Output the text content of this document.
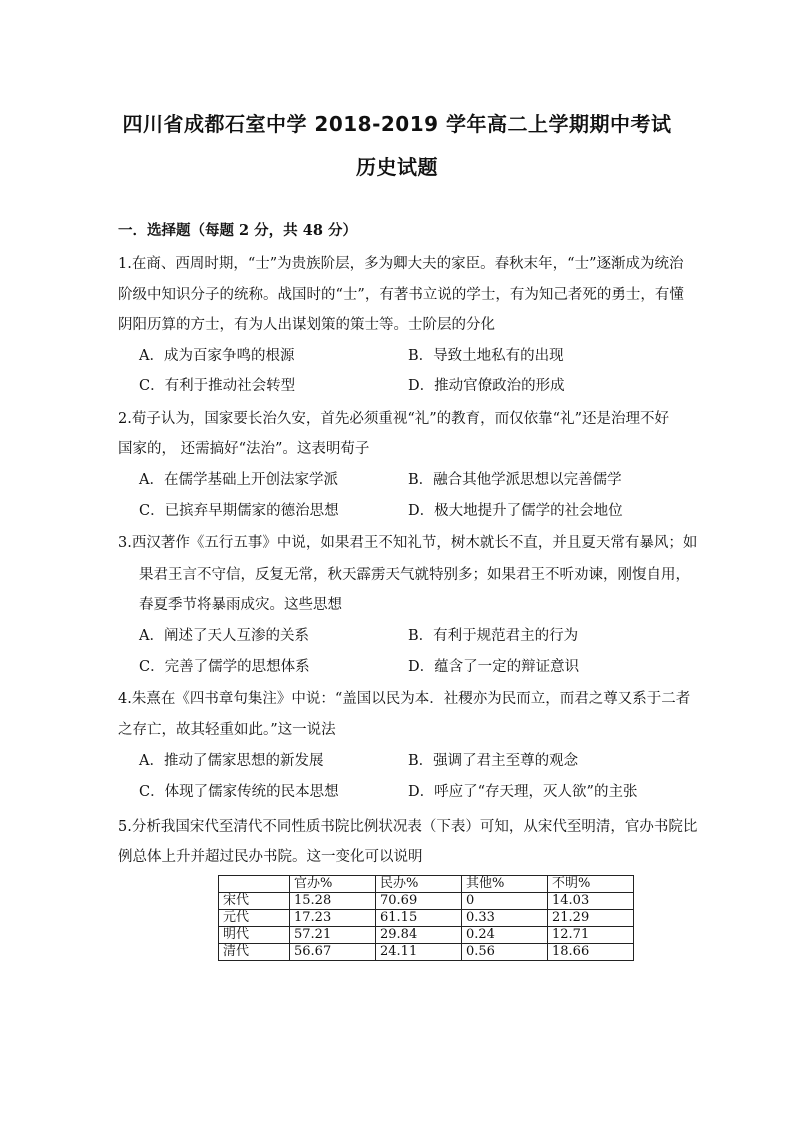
四川省成都石室中学 2018-2019 学年高二上学期期中考试
历史试题
一．选择题（每题 2 分，共 48 分）
1.在商、西周时期，“士”为贵族阶层，多为卿大夫的家臣。春秋末年，“士”逐渐成为统治
阶级中知识分子的统称。战国时的“士”，有著书立说的学士，有为知己者死的勇士，有懂
阴阳历算的方士，有为人出谋划策的策士等。士阶层的分化
A．成为百家争鸣的根源	B．导致土地私有的出现
C．有利于推动社会转型	D．推动官僚政治的形成
2.荀子认为，国家要长治久安，首先必须重视“礼”的教育，而仅依靠“礼”还是治理不好
国家的， 还需搞好“法治”。这表明荀子
A．在儒学基础上开创法家学派	B．融合其他学派思想以完善儒学
C．已摈弃早期儒家的德治思想	D．极大地提升了儒学的社会地位
3.西汉著作《五行五事》中说，如果君王不知礼节，树木就长不直，并且夏天常有暴风；如
果君王言不守信，反复无常，秋天霹雳天气就特别多；如果君王不听劝谏，刚愎自用，
春夏季节将暴雨成灾。这些思想
A．阐述了天人互渗的关系	B．有利于规范君主的行为
C．完善了儒学的思想体系	D．蕴含了一定的辩证意识
4.朱熹在《四书章句集注》中说：“盖国以民为本．社稷亦为民而立，而君之尊又系于二者
之存亡，故其轻重如此。”这一说法
A．推动了儒家思想的新发展	B．强调了君主至尊的观念
C．体现了儒家传统的民本思想	D．呼应了“存天理，灭人欲”的主张
5.分析我国宋代至清代不同性质书院比例状况表（下表）可知，从宋代至明清，官办书院比
例总体上升并超过民办书院。这一变化可以说明
	官办%	民办%	其他%	不明%
宋代	15.28	70.69	0	14.03
元代	17.23	61.15	0.33	21.29
明代	57.21	29.84	0.24	12.71
清代	56.67	24.11	0.56	18.66
